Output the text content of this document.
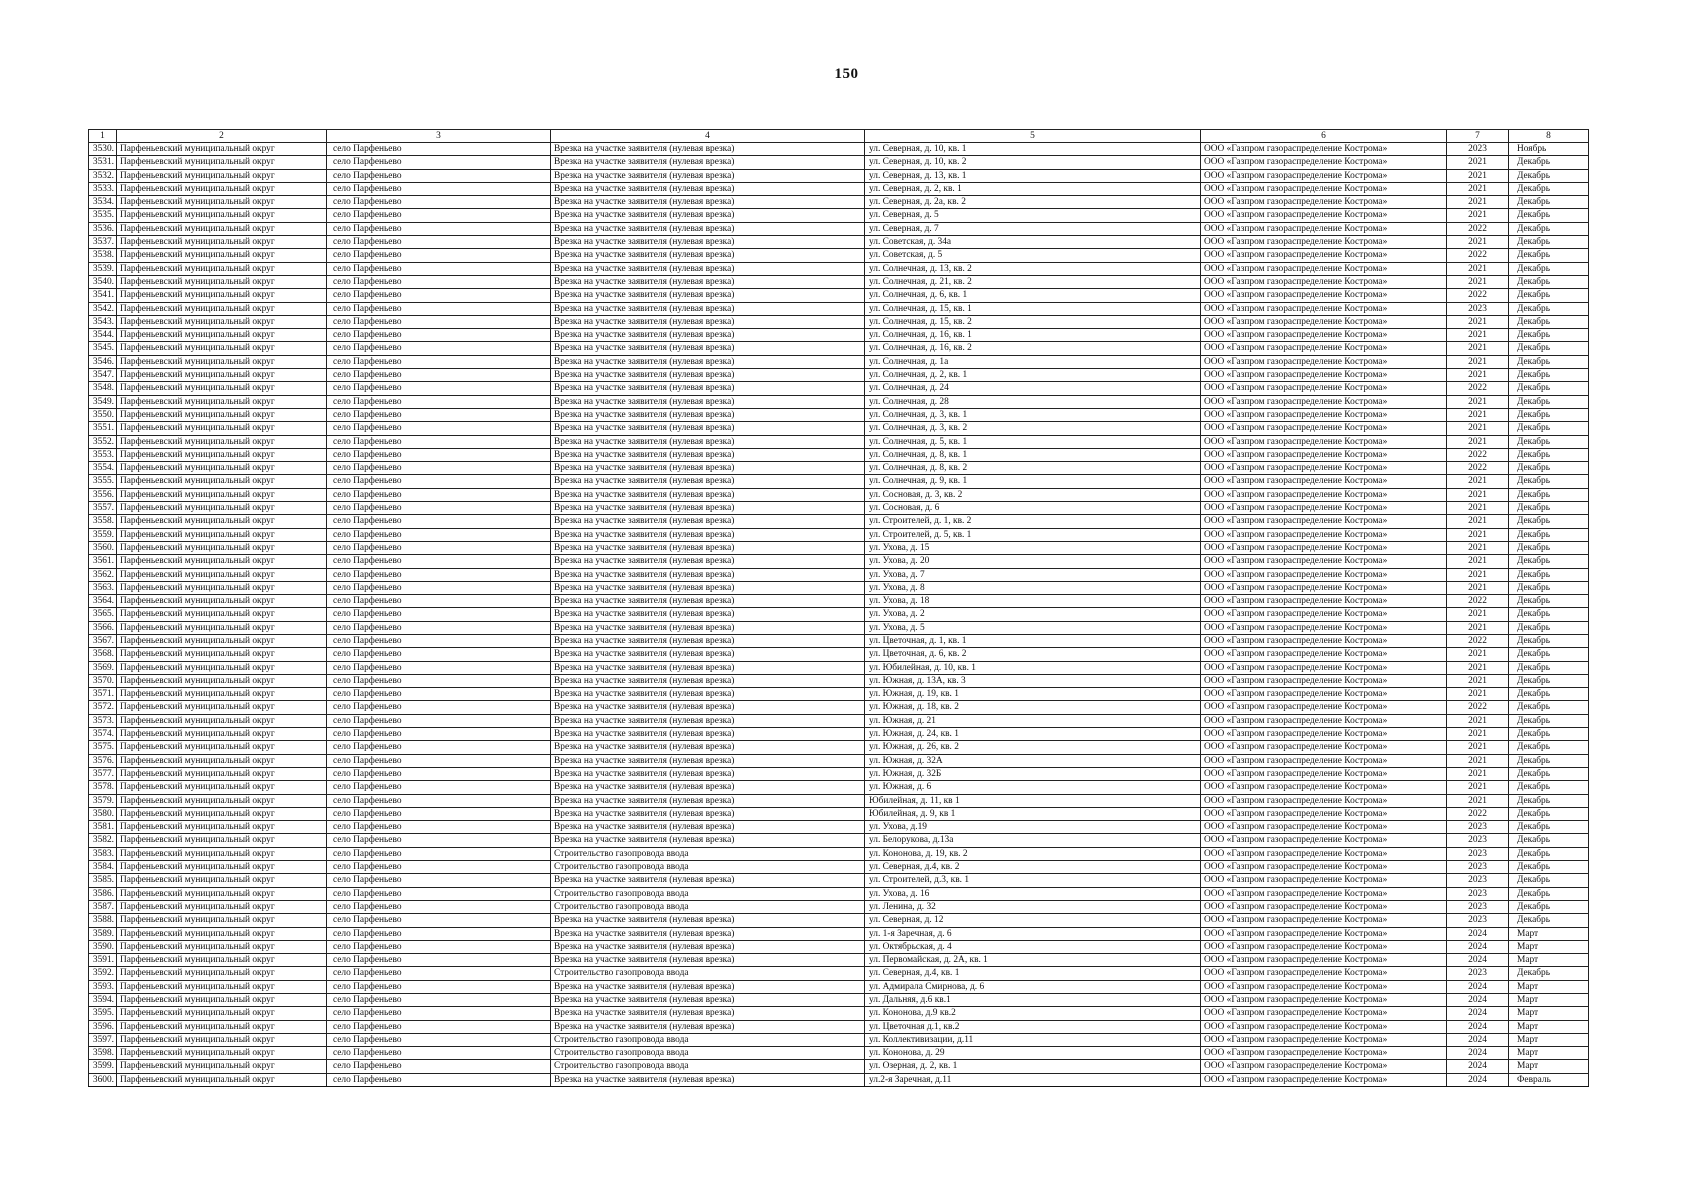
150
1	2	3	4	5	6	7	8
3530.	Парфеньевский муниципальный округ	село Парфеньево	Врезка на участке заявителя (нулевая врезка)	ул. Северная, д. 10, кв. 1	ООО «Газпром газораспределение Кострома»	2023	Ноябрь
3531.	Парфеньевский муниципальный округ	село Парфеньево	Врезка на участке заявителя (нулевая врезка)	ул. Северная, д. 10, кв. 2	ООО «Газпром газораспределение Кострома»	2021	Декабрь
3532.	Парфеньевский муниципальный округ	село Парфеньево	Врезка на участке заявителя (нулевая врезка)	ул. Северная, д. 13, кв. 1	ООО «Газпром газораспределение Кострома»	2021	Декабрь
3533.	Парфеньевский муниципальный округ	село Парфеньево	Врезка на участке заявителя (нулевая врезка)	ул. Северная, д. 2, кв. 1	ООО «Газпром газораспределение Кострома»	2021	Декабрь
3534.	Парфеньевский муниципальный округ	село Парфеньево	Врезка на участке заявителя (нулевая врезка)	ул. Северная, д. 2а, кв. 2	ООО «Газпром газораспределение Кострома»	2021	Декабрь
3535.	Парфеньевский муниципальный округ	село Парфеньево	Врезка на участке заявителя (нулевая врезка)	ул. Северная, д. 5	ООО «Газпром газораспределение Кострома»	2021	Декабрь
3536.	Парфеньевский муниципальный округ	село Парфеньево	Врезка на участке заявителя (нулевая врезка)	ул. Северная, д. 7	ООО «Газпром газораспределение Кострома»	2022	Декабрь
3537.	Парфеньевский муниципальный округ	село Парфеньево	Врезка на участке заявителя (нулевая врезка)	ул. Советская, д. 34а	ООО «Газпром газораспределение Кострома»	2021	Декабрь
3538.	Парфеньевский муниципальный округ	село Парфеньево	Врезка на участке заявителя (нулевая врезка)	ул. Советская, д. 5	ООО «Газпром газораспределение Кострома»	2022	Декабрь
3539.	Парфеньевский муниципальный округ	село Парфеньево	Врезка на участке заявителя (нулевая врезка)	ул. Солнечная, д. 13, кв. 2	ООО «Газпром газораспределение Кострома»	2021	Декабрь
3540.	Парфеньевский муниципальный округ	село Парфеньево	Врезка на участке заявителя (нулевая врезка)	ул. Солнечная, д. 21, кв. 2	ООО «Газпром газораспределение Кострома»	2021	Декабрь
3541.	Парфеньевский муниципальный округ	село Парфеньево	Врезка на участке заявителя (нулевая врезка)	ул. Солнечная, д. 6, кв. 1	ООО «Газпром газораспределение Кострома»	2022	Декабрь
3542.	Парфеньевский муниципальный округ	село Парфеньево	Врезка на участке заявителя (нулевая врезка)	ул. Солнечная, д. 15, кв. 1	ООО «Газпром газораспределение Кострома»	2023	Декабрь
3543.	Парфеньевский муниципальный округ	село Парфеньево	Врезка на участке заявителя (нулевая врезка)	ул. Солнечная, д. 15, кв. 2	ООО «Газпром газораспределение Кострома»	2021	Декабрь
3544.	Парфеньевский муниципальный округ	село Парфеньево	Врезка на участке заявителя (нулевая врезка)	ул. Солнечная, д. 16, кв. 1	ООО «Газпром газораспределение Кострома»	2021	Декабрь
3545.	Парфеньевский муниципальный округ	село Парфеньево	Врезка на участке заявителя (нулевая врезка)	ул. Солнечная, д. 16, кв. 2	ООО «Газпром газораспределение Кострома»	2021	Декабрь
3546.	Парфеньевский муниципальный округ	село Парфеньево	Врезка на участке заявителя (нулевая врезка)	ул. Солнечная, д. 1а	ООО «Газпром газораспределение Кострома»	2021	Декабрь
3547.	Парфеньевский муниципальный округ	село Парфеньево	Врезка на участке заявителя (нулевая врезка)	ул. Солнечная, д. 2, кв. 1	ООО «Газпром газораспределение Кострома»	2021	Декабрь
3548.	Парфеньевский муниципальный округ	село Парфеньево	Врезка на участке заявителя (нулевая врезка)	ул. Солнечная, д. 24	ООО «Газпром газораспределение Кострома»	2022	Декабрь
3549.	Парфеньевский муниципальный округ	село Парфеньево	Врезка на участке заявителя (нулевая врезка)	ул. Солнечная, д. 28	ООО «Газпром газораспределение Кострома»	2021	Декабрь
3550.	Парфеньевский муниципальный округ	село Парфеньево	Врезка на участке заявителя (нулевая врезка)	ул. Солнечная, д. 3, кв. 1	ООО «Газпром газораспределение Кострома»	2021	Декабрь
3551.	Парфеньевский муниципальный округ	село Парфеньево	Врезка на участке заявителя (нулевая врезка)	ул. Солнечная, д. 3, кв. 2	ООО «Газпром газораспределение Кострома»	2021	Декабрь
3552.	Парфеньевский муниципальный округ	село Парфеньево	Врезка на участке заявителя (нулевая врезка)	ул. Солнечная, д. 5, кв. 1	ООО «Газпром газораспределение Кострома»	2021	Декабрь
3553.	Парфеньевский муниципальный округ	село Парфеньево	Врезка на участке заявителя (нулевая врезка)	ул. Солнечная, д. 8, кв. 1	ООО «Газпром газораспределение Кострома»	2022	Декабрь
3554.	Парфеньевский муниципальный округ	село Парфеньево	Врезка на участке заявителя (нулевая врезка)	ул. Солнечная, д. 8, кв. 2	ООО «Газпром газораспределение Кострома»	2022	Декабрь
3555.	Парфеньевский муниципальный округ	село Парфеньево	Врезка на участке заявителя (нулевая врезка)	ул. Солнечная, д. 9, кв. 1	ООО «Газпром газораспределение Кострома»	2021	Декабрь
3556.	Парфеньевский муниципальный округ	село Парфеньево	Врезка на участке заявителя (нулевая врезка)	ул. Сосновая, д. 3, кв. 2	ООО «Газпром газораспределение Кострома»	2021	Декабрь
3557.	Парфеньевский муниципальный округ	село Парфеньево	Врезка на участке заявителя (нулевая врезка)	ул. Сосновая, д. 6	ООО «Газпром газораспределение Кострома»	2021	Декабрь
3558.	Парфеньевский муниципальный округ	село Парфеньево	Врезка на участке заявителя (нулевая врезка)	ул. Строителей, д. 1, кв. 2	ООО «Газпром газораспределение Кострома»	2021	Декабрь
3559.	Парфеньевский муниципальный округ	село Парфеньево	Врезка на участке заявителя (нулевая врезка)	ул. Строителей, д. 5, кв. 1	ООО «Газпром газораспределение Кострома»	2021	Декабрь
3560.	Парфеньевский муниципальный округ	село Парфеньево	Врезка на участке заявителя (нулевая врезка)	ул. Ухова, д. 15	ООО «Газпром газораспределение Кострома»	2021	Декабрь
3561.	Парфеньевский муниципальный округ	село Парфеньево	Врезка на участке заявителя (нулевая врезка)	ул. Ухова, д. 20	ООО «Газпром газораспределение Кострома»	2021	Декабрь
3562.	Парфеньевский муниципальный округ	село Парфеньево	Врезка на участке заявителя (нулевая врезка)	ул. Ухова, д. 7	ООО «Газпром газораспределение Кострома»	2021	Декабрь
3563.	Парфеньевский муниципальный округ	село Парфеньево	Врезка на участке заявителя (нулевая врезка)	ул. Ухова, д. 8	ООО «Газпром газораспределение Кострома»	2021	Декабрь
3564.	Парфеньевский муниципальный округ	село Парфеньево	Врезка на участке заявителя (нулевая врезка)	ул. Ухова, д. 18	ООО «Газпром газораспределение Кострома»	2022	Декабрь
3565.	Парфеньевский муниципальный округ	село Парфеньево	Врезка на участке заявителя (нулевая врезка)	ул. Ухова, д. 2	ООО «Газпром газораспределение Кострома»	2021	Декабрь
3566.	Парфеньевский муниципальный округ	село Парфеньево	Врезка на участке заявителя (нулевая врезка)	ул. Ухова, д. 5	ООО «Газпром газораспределение Кострома»	2021	Декабрь
3567.	Парфеньевский муниципальный округ	село Парфеньево	Врезка на участке заявителя (нулевая врезка)	ул. Цветочная, д. 1, кв. 1	ООО «Газпром газораспределение Кострома»	2022	Декабрь
3568.	Парфеньевский муниципальный округ	село Парфеньево	Врезка на участке заявителя (нулевая врезка)	ул. Цветочная, д. 6, кв. 2	ООО «Газпром газораспределение Кострома»	2021	Декабрь
3569.	Парфеньевский муниципальный округ	село Парфеньево	Врезка на участке заявителя (нулевая врезка)	ул. Юбилейная, д. 10, кв. 1	ООО «Газпром газораспределение Кострома»	2021	Декабрь
3570.	Парфеньевский муниципальный округ	село Парфеньево	Врезка на участке заявителя (нулевая врезка)	ул. Южная, д. 13А, кв. 3	ООО «Газпром газораспределение Кострома»	2021	Декабрь
3571.	Парфеньевский муниципальный округ	село Парфеньево	Врезка на участке заявителя (нулевая врезка)	ул. Южная, д. 19, кв. 1	ООО «Газпром газораспределение Кострома»	2021	Декабрь
3572.	Парфеньевский муниципальный округ	село Парфеньево	Врезка на участке заявителя (нулевая врезка)	ул. Южная, д. 18, кв. 2	ООО «Газпром газораспределение Кострома»	2022	Декабрь
3573.	Парфеньевский муниципальный округ	село Парфеньево	Врезка на участке заявителя (нулевая врезка)	ул. Южная, д. 21	ООО «Газпром газораспределение Кострома»	2021	Декабрь
3574.	Парфеньевский муниципальный округ	село Парфеньево	Врезка на участке заявителя (нулевая врезка)	ул. Южная, д. 24, кв. 1	ООО «Газпром газораспределение Кострома»	2021	Декабрь
3575.	Парфеньевский муниципальный округ	село Парфеньево	Врезка на участке заявителя (нулевая врезка)	ул. Южная, д. 26, кв. 2	ООО «Газпром газораспределение Кострома»	2021	Декабрь
3576.	Парфеньевский муниципальный округ	село Парфеньево	Врезка на участке заявителя (нулевая врезка)	ул. Южная, д. 32А	ООО «Газпром газораспределение Кострома»	2021	Декабрь
3577.	Парфеньевский муниципальный округ	село Парфеньево	Врезка на участке заявителя (нулевая врезка)	ул. Южная, д. 32Б	ООО «Газпром газораспределение Кострома»	2021	Декабрь
3578.	Парфеньевский муниципальный округ	село Парфеньево	Врезка на участке заявителя (нулевая врезка)	ул. Южная, д. 6	ООО «Газпром газораспределение Кострома»	2021	Декабрь
3579.	Парфеньевский муниципальный округ	село Парфеньево	Врезка на участке заявителя (нулевая врезка)	Юбилейная, д. 11, кв 1	ООО «Газпром газораспределение Кострома»	2021	Декабрь
3580.	Парфеньевский муниципальный округ	село Парфеньево	Врезка на участке заявителя (нулевая врезка)	Юбилейная, д. 9, кв 1	ООО «Газпром газораспределение Кострома»	2022	Декабрь
3581.	Парфеньевский муниципальный округ	село Парфеньево	Врезка на участке заявителя (нулевая врезка)	ул. Ухова, д.19	ООО «Газпром газораспределение Кострома»	2023	Декабрь
3582.	Парфеньевский муниципальный округ	село Парфеньево	Врезка на участке заявителя (нулевая врезка)	ул. Белорукова, д.13а	ООО «Газпром газораспределение Кострома»	2023	Декабрь
3583.	Парфеньевский муниципальный округ	село Парфеньево	Строительство газопровода ввода	ул. Кононова, д. 19, кв. 2	ООО «Газпром газораспределение Кострома»	2023	Декабрь
3584.	Парфеньевский муниципальный округ	село Парфеньево	Строительство газопровода ввода	ул. Северная, д.4, кв. 2	ООО «Газпром газораспределение Кострома»	2023	Декабрь
3585.	Парфеньевский муниципальный округ	село Парфеньево	Врезка на участке заявителя (нулевая врезка)	ул. Строителей, д.3, кв. 1	ООО «Газпром газораспределение Кострома»	2023	Декабрь
3586.	Парфеньевский муниципальный округ	село Парфеньево	Строительство газопровода ввода	ул. Ухова, д. 16	ООО «Газпром газораспределение Кострома»	2023	Декабрь
3587.	Парфеньевский муниципальный округ	село Парфеньево	Строительство газопровода ввода	ул. Ленина, д. 32	ООО «Газпром газораспределение Кострома»	2023	Декабрь
3588.	Парфеньевский муниципальный округ	село Парфеньево	Врезка на участке заявителя (нулевая врезка)	ул. Северная, д. 12	ООО «Газпром газораспределение Кострома»	2023	Декабрь
3589.	Парфеньевский муниципальный округ	село Парфеньево	Врезка на участке заявителя (нулевая врезка)	ул. 1-я Заречная, д. 6	ООО «Газпром газораспределение Кострома»	2024	Март
3590.	Парфеньевский муниципальный округ	село Парфеньево	Врезка на участке заявителя (нулевая врезка)	ул. Октябрьская, д. 4	ООО «Газпром газораспределение Кострома»	2024	Март
3591.	Парфеньевский муниципальный округ	село Парфеньево	Врезка на участке заявителя (нулевая врезка)	ул. Первомайская, д. 2А, кв. 1	ООО «Газпром газораспределение Кострома»	2024	Март
3592.	Парфеньевский муниципальный округ	село Парфеньево	Строительство газопровода ввода	ул. Северная, д.4, кв. 1	ООО «Газпром газораспределение Кострома»	2023	Декабрь
3593.	Парфеньевский муниципальный округ	село Парфеньево	Врезка на участке заявителя (нулевая врезка)	ул. Адмирала Смирнова, д. 6	ООО «Газпром газораспределение Кострома»	2024	Март
3594.	Парфеньевский муниципальный округ	село Парфеньево	Врезка на участке заявителя (нулевая врезка)	ул. Дальняя, д.6 кв.1	ООО «Газпром газораспределение Кострома»	2024	Март
3595.	Парфеньевский муниципальный округ	село Парфеньево	Врезка на участке заявителя (нулевая врезка)	ул. Кононова, д.9 кв.2	ООО «Газпром газораспределение Кострома»	2024	Март
3596.	Парфеньевский муниципальный округ	село Парфеньево	Врезка на участке заявителя (нулевая врезка)	ул. Цветочная д.1, кв.2	ООО «Газпром газораспределение Кострома»	2024	Март
3597.	Парфеньевский муниципальный округ	село Парфеньево	Строительство газопровода ввода	ул. Коллективизации, д.11	ООО «Газпром газораспределение Кострома»	2024	Март
3598.	Парфеньевский муниципальный округ	село Парфеньево	Строительство газопровода ввода	ул. Кононова, д. 29	ООО «Газпром газораспределение Кострома»	2024	Март
3599.	Парфеньевский муниципальный округ	село Парфеньево	Строительство газопровода ввода	ул. Озерная, д. 2, кв. 1	ООО «Газпром газораспределение Кострома»	2024	Март
3600.	Парфеньевский муниципальный округ	село Парфеньево	Врезка на участке заявителя (нулевая врезка)	ул.2-я Заречная, д.11	ООО «Газпром газораспределение Кострома»	2024	Февраль
